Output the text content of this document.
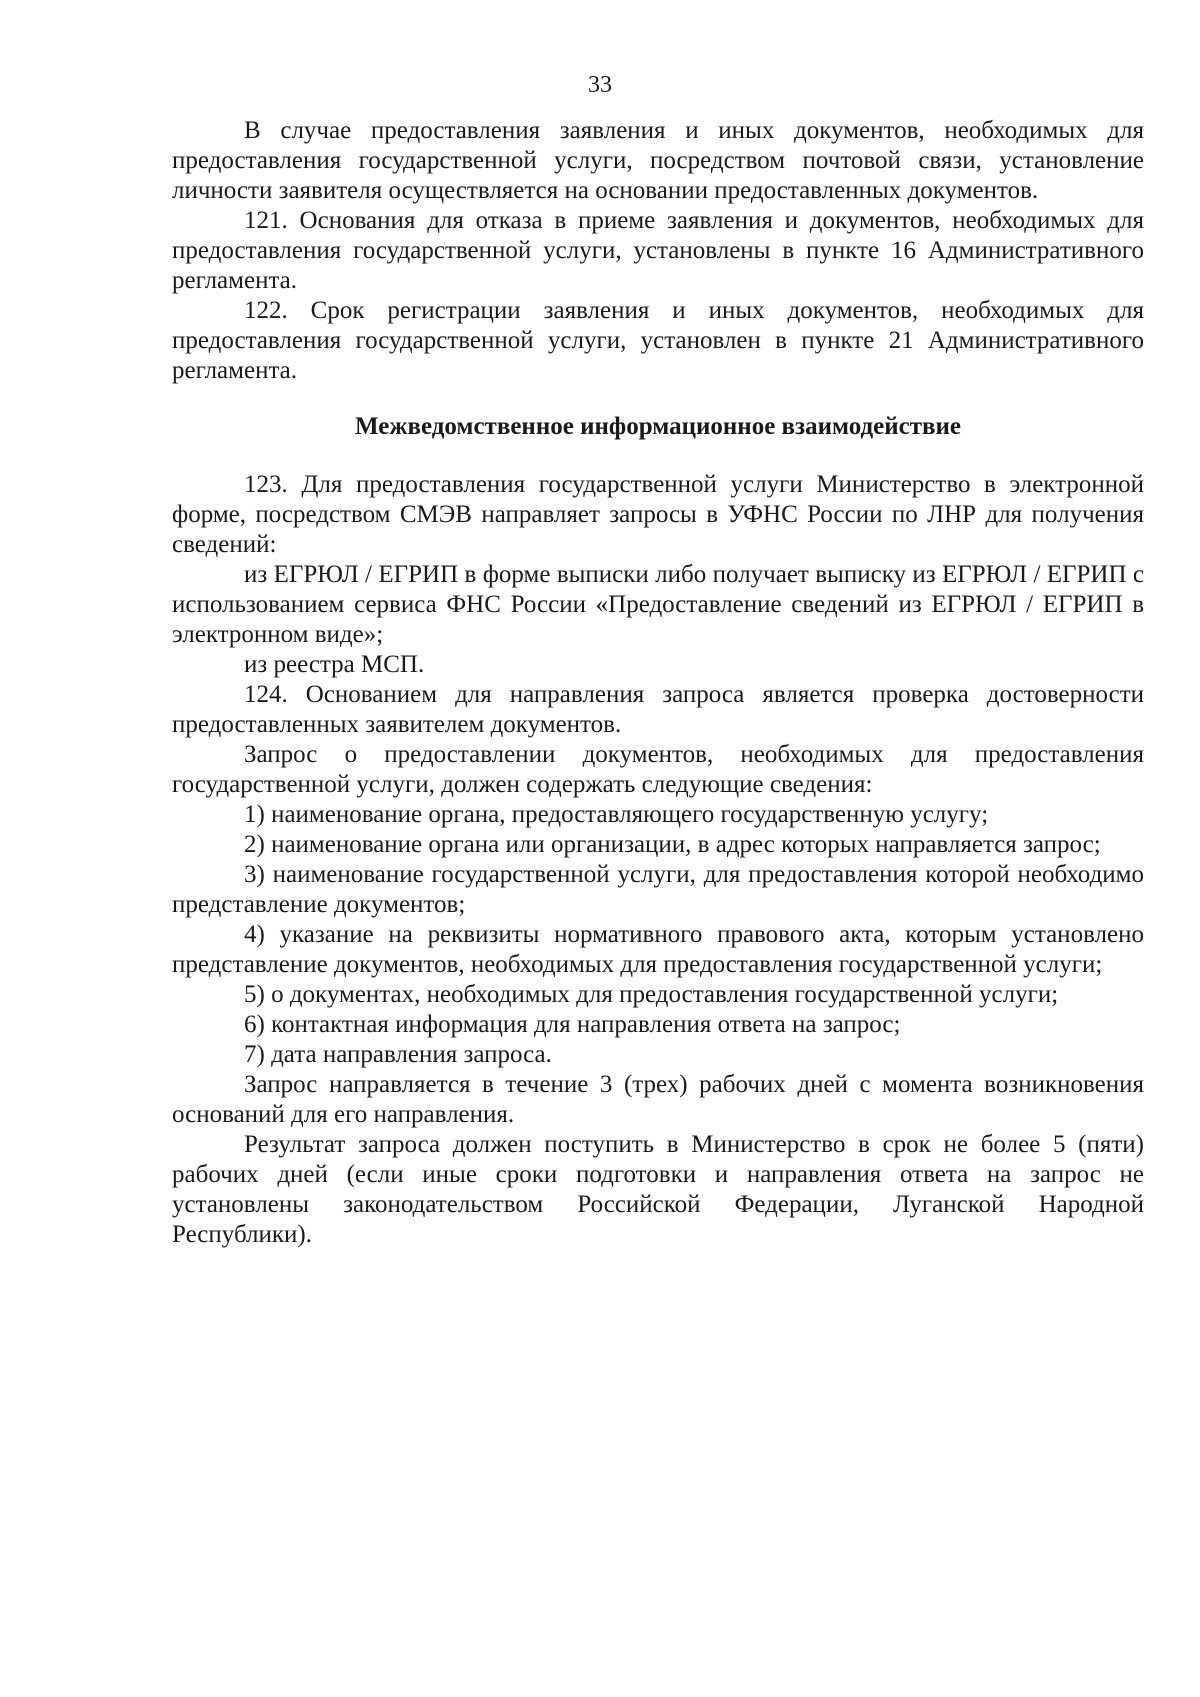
33

В случае предоставления заявления и иных документов, необходимых для предоставления государственной услуги, посредством почтовой связи, установление личности заявителя осуществляется на основании предоставленных документов.

121. Основания для отказа в приеме заявления и документов, необходимых для предоставления государственной услуги, установлены в пункте 16 Административного регламента.

122. Срок регистрации заявления и иных документов, необходимых для предоставления государственной услуги, установлен в пункте 21 Административного регламента.

Межведомственное информационное взаимодействие

123. Для предоставления государственной услуги Министерство в электронной форме, посредством СМЭВ направляет запросы в УФНС России по ЛНР для получения сведений:

из ЕГРЮЛ / ЕГРИП в форме выписки либо получает выписку из ЕГРЮЛ / ЕГРИП с использованием сервиса ФНС России «Предоставление сведений из ЕГРЮЛ / ЕГРИП в электронном виде»;

из реестра МСП.

124. Основанием для направления запроса является проверка достоверности предоставленных заявителем документов.

Запрос о предоставлении документов, необходимых для предоставления государственной услуги, должен содержать следующие сведения:

1) наименование органа, предоставляющего государственную услугу;

2) наименование органа или организации, в адрес которых направляется запрос;

3) наименование государственной услуги, для предоставления которой необходимо представление документов;

4) указание на реквизиты нормативного правового акта, которым установлено представление документов, необходимых для предоставления государственной услуги;

5) о документах, необходимых для предоставления государственной услуги;

6) контактная информация для направления ответа на запрос;

7) дата направления запроса.

Запрос направляется в течение 3 (трех) рабочих дней с момента возникновения оснований для его направления.

Результат запроса должен поступить в Министерство в срок не более 5 (пяти) рабочих дней (если иные сроки подготовки и направления ответа на запрос не установлены законодательством Российской Федерации, Луганской Народной Республики).
